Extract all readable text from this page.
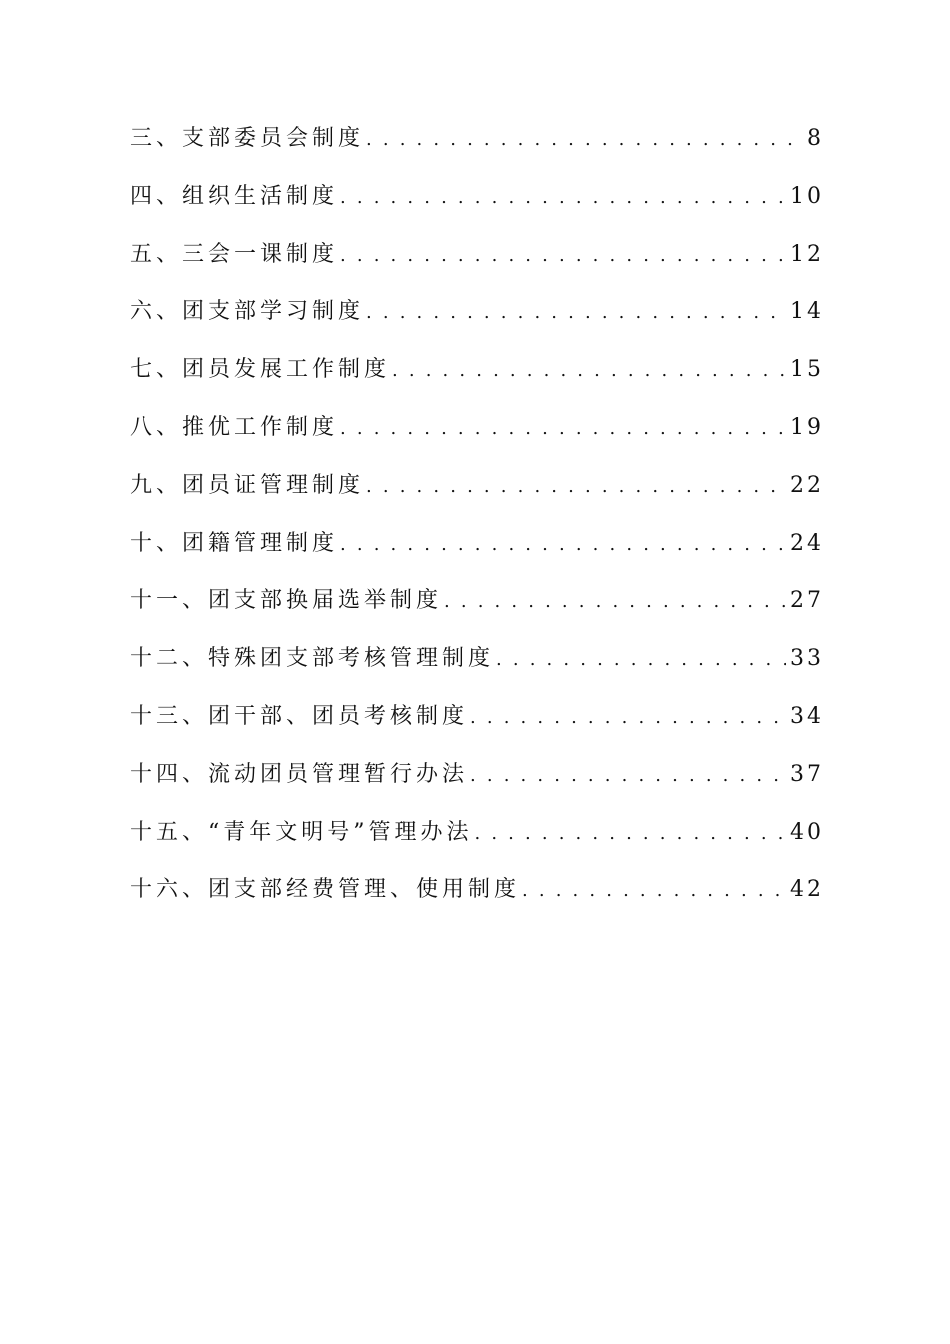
三、支部委员会制度 . . .	8
四、组织生活制度 . . .	10
五、三会一课制度 . . .	12
六、团支部学习制度 . . .	14
七、团员发展工作制度 . . .	15
八、推优工作制度 . . .	19
九、团员证管理制度 . . .	22
十、团籍管理制度 . . .	24
十一、团支部换届选举制度 . . .	27
十二、特殊团支部考核管理制度 . . .	33
十三、团干部、团员考核制度 . . .	34
十四、流动团员管理暂行办法 . . .	37
十五、“青年文明号”管理办法 . . .	40
十六、团支部经费管理、使用制度 . . .	42
